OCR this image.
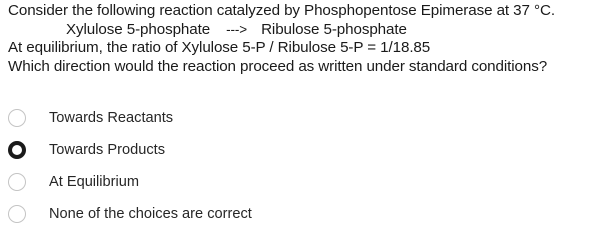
Consider the following reaction catalyzed by Phosphopentose Epimerase at 37 °C.
Xylulose 5-phosphate ---> Ribulose 5-phosphate
At equilibrium, the ratio of Xylulose 5-P / Ribulose 5-P = 1/18.85
Which direction would the reaction proceed as written under standard conditions?
Towards Reactants
Towards Products
At Equilibrium
None of the choices are correct
